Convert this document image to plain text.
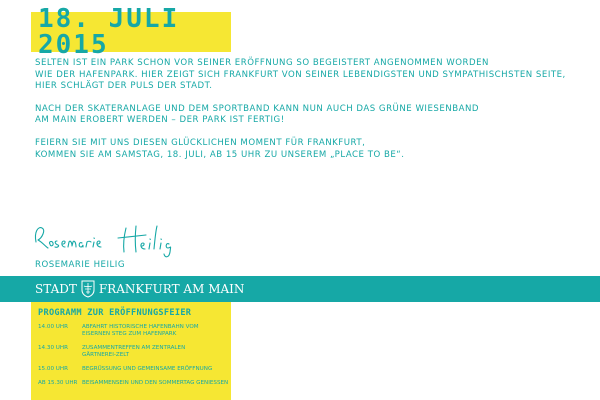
18. JULI 2015

SELTEN IST EIN PARK SCHON VOR SEINER ERÖFFNUNG SO BEGEISTERT ANGENOMMEN WORDEN
WIE DER HAFENPARK. HIER ZEIGT SICH FRANKFURT VON SEINER LEBENDIGSTEN UND SYMPATHISCHSTEN SEITE,
HIER SCHLÄGT DER PULS DER STADT.

NACH DER SKATERANLAGE UND DEM SPORTBAND KANN NUN AUCH DAS GRÜNE WIESENBAND
AM MAIN EROBERT WERDEN – DER PARK IST FERTIG!

FEIERN SIE MIT UNS DIESEN GLÜCKLICHEN MOMENT FÜR FRANKFURT,
KOMMEN SIE AM SAMSTAG, 18. JULI, AB 15 UHR ZU UNSEREM „PLACE TO BE“.

ROSEMARIE HEILIG
STADT FRANKFURT AM MAIN
PROGRAMM ZUR ERÖFFNUNGSFEIER
14.00 UHR	ABFAHRT HISTORISCHE HAFENBAHN VOM
EISERNEN STEG ZUM HAFENPARK
14.30 UHR	ZUSAMMENTREFFEN AM ZENTRALEN
GÄRTNEREI-ZELT
15.00 UHR	BEGRÜSSUNG UND GEMEINSAME ERÖFFNUNG
AB 15.30 UHR BEISAMMENSEIN UND DEN SOMMERTAG GENIESSEN
